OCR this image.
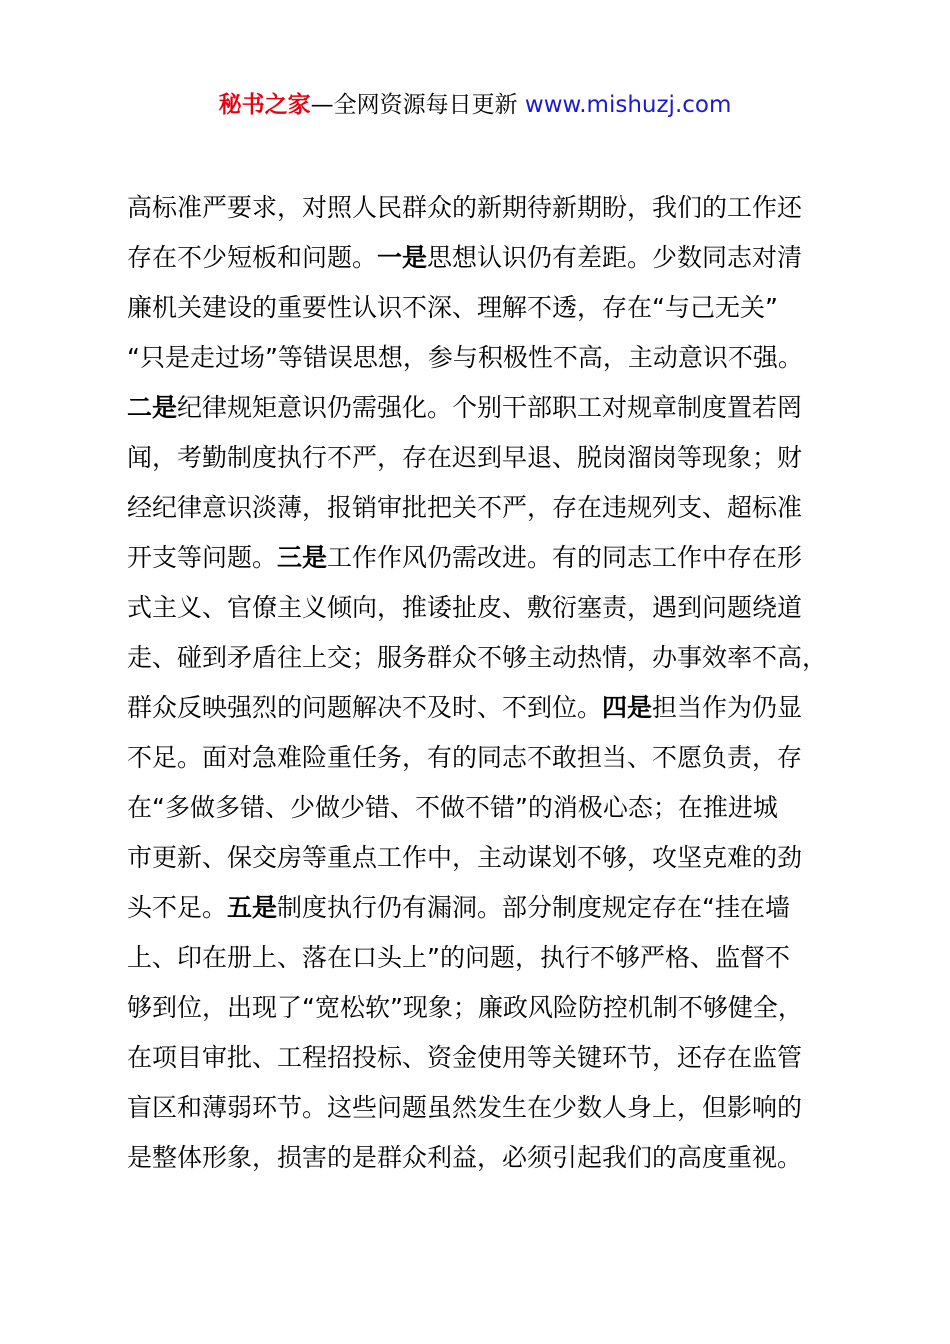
秘书之家—全网资源每日更新 www.mishuzj.com
高标准严要求，对照人民群众的新期待新期盼，我们的工作还
存在不少短板和问题。一是思想认识仍有差距。少数同志对清
廉机关建设的重要性认识不深、理解不透，存在“与己无关”
“只是走过场”等错误思想，参与积极性不高，主动意识不强。
二是纪律规矩意识仍需强化。个别干部职工对规章制度置若罔
闻，考勤制度执行不严，存在迟到早退、脱岗溜岗等现象；财
经纪律意识淡薄，报销审批把关不严，存在违规列支、超标准
开支等问题。三是工作作风仍需改进。有的同志工作中存在形
式主义、官僚主义倾向，推诿扯皮、敷衍塞责，遇到问题绕道
走、碰到矛盾往上交；服务群众不够主动热情，办事效率不高，
群众反映强烈的问题解决不及时、不到位。四是担当作为仍显
不足。面对急难险重任务，有的同志不敢担当、不愿负责，存
在“多做多错、少做少错、不做不错”的消极心态；在推进城
市更新、保交房等重点工作中，主动谋划不够，攻坚克难的劲
头不足。五是制度执行仍有漏洞。部分制度规定存在“挂在墙
上、印在册上、落在口头上”的问题，执行不够严格、监督不
够到位，出现了“宽松软”现象；廉政风险防控机制不够健全，
在项目审批、工程招投标、资金使用等关键环节，还存在监管
盲区和薄弱环节。这些问题虽然发生在少数人身上，但影响的
是整体形象，损害的是群众利益，必须引起我们的高度重视。
